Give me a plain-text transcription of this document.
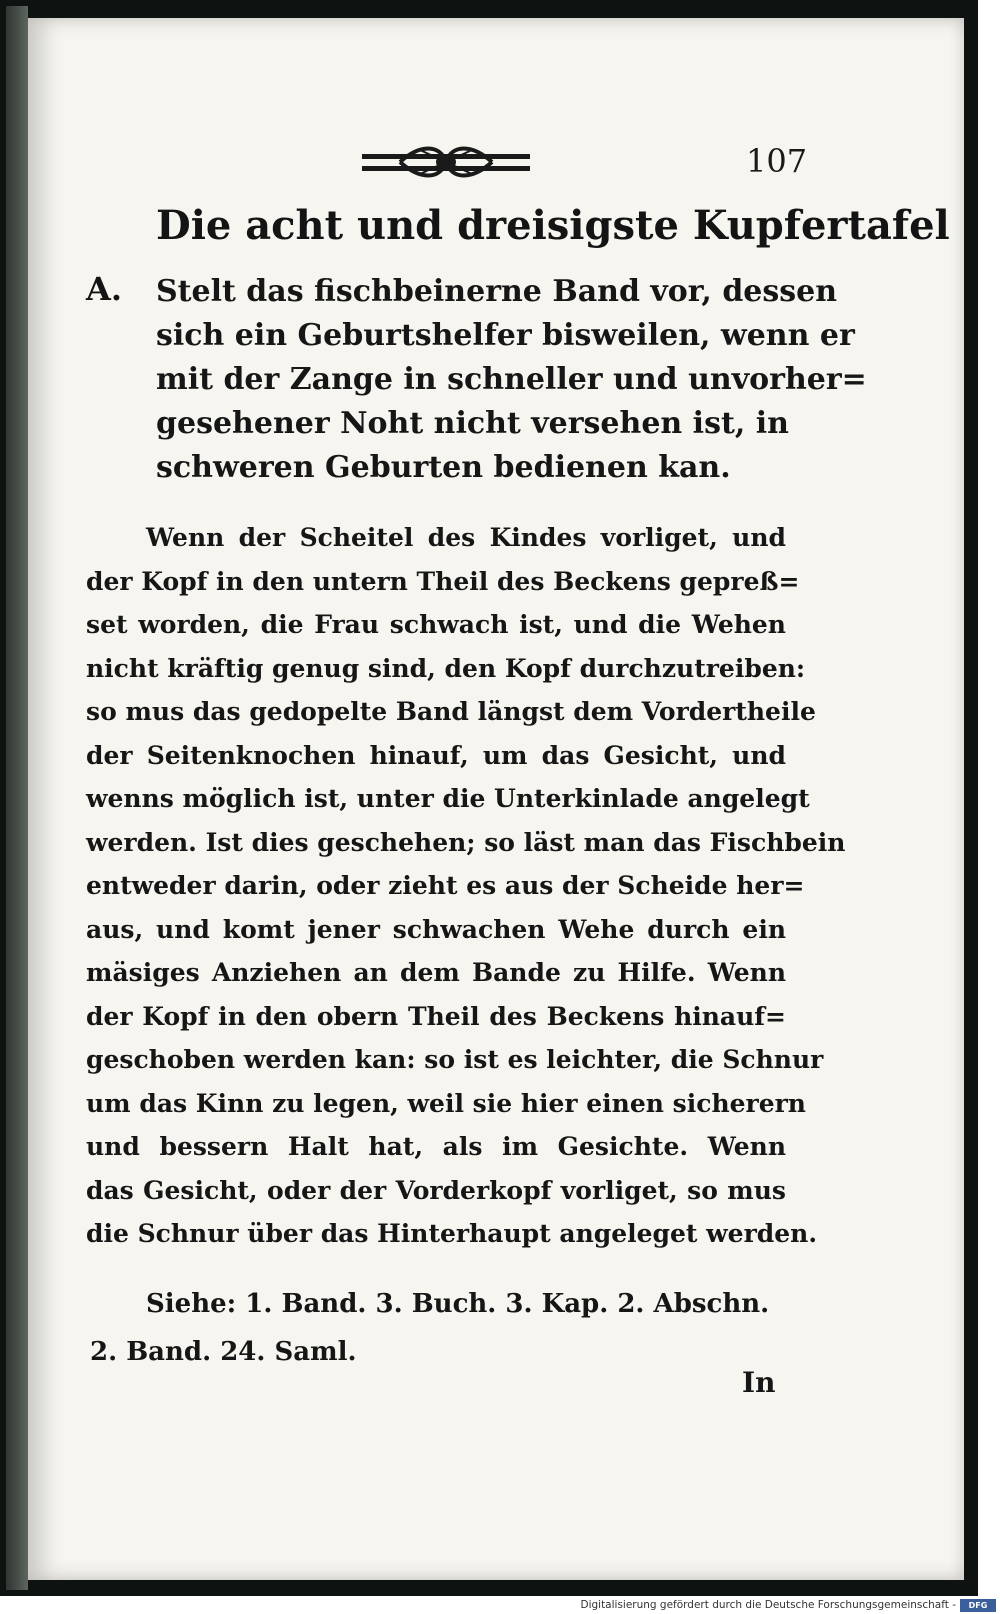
107
Die acht und dreisigste Kupfertafel
A. Stelt das fischbeinerne Band vor, dessen
sich ein Geburtshelfer bisweilen, wenn er
mit der Zange in schneller und unvorher=
gesehener Noht nicht versehen ist, in
schweren Geburten bedienen kan.
Wenn der Scheitel des Kindes vorliget, und
der Kopf in den untern Theil des Beckens gepreß=
set worden, die Frau schwach ist, und die Wehen
nicht kräftig genug sind, den Kopf durchzutreiben:
so mus das gedopelte Band längst dem Vordertheile
der Seitenknochen hinauf, um das Gesicht, und
wenns möglich ist, unter die Unterkinlade angelegt
werden. Ist dies geschehen; so läst man das Fischbein
entweder darin, oder zieht es aus der Scheide her=
aus, und komt jener schwachen Wehe durch ein
mäsiges Anziehen an dem Bande zu Hilfe. Wenn
der Kopf in den obern Theil des Beckens hinauf=
geschoben werden kan: so ist es leichter, die Schnur
um das Kinn zu legen, weil sie hier einen sicherern
und bessern Halt hat, als im Gesichte. Wenn
das Gesicht, oder der Vorderkopf vorliget, so mus
die Schnur über das Hinterhaupt angeleget werden.
Siehe: 1. Band. 3. Buch. 3. Kap. 2. Abschn.
2. Band. 24. Saml.
In
Digitalisierung gefördert durch die Deutsche Forschungsgemeinschaft -	DFG
